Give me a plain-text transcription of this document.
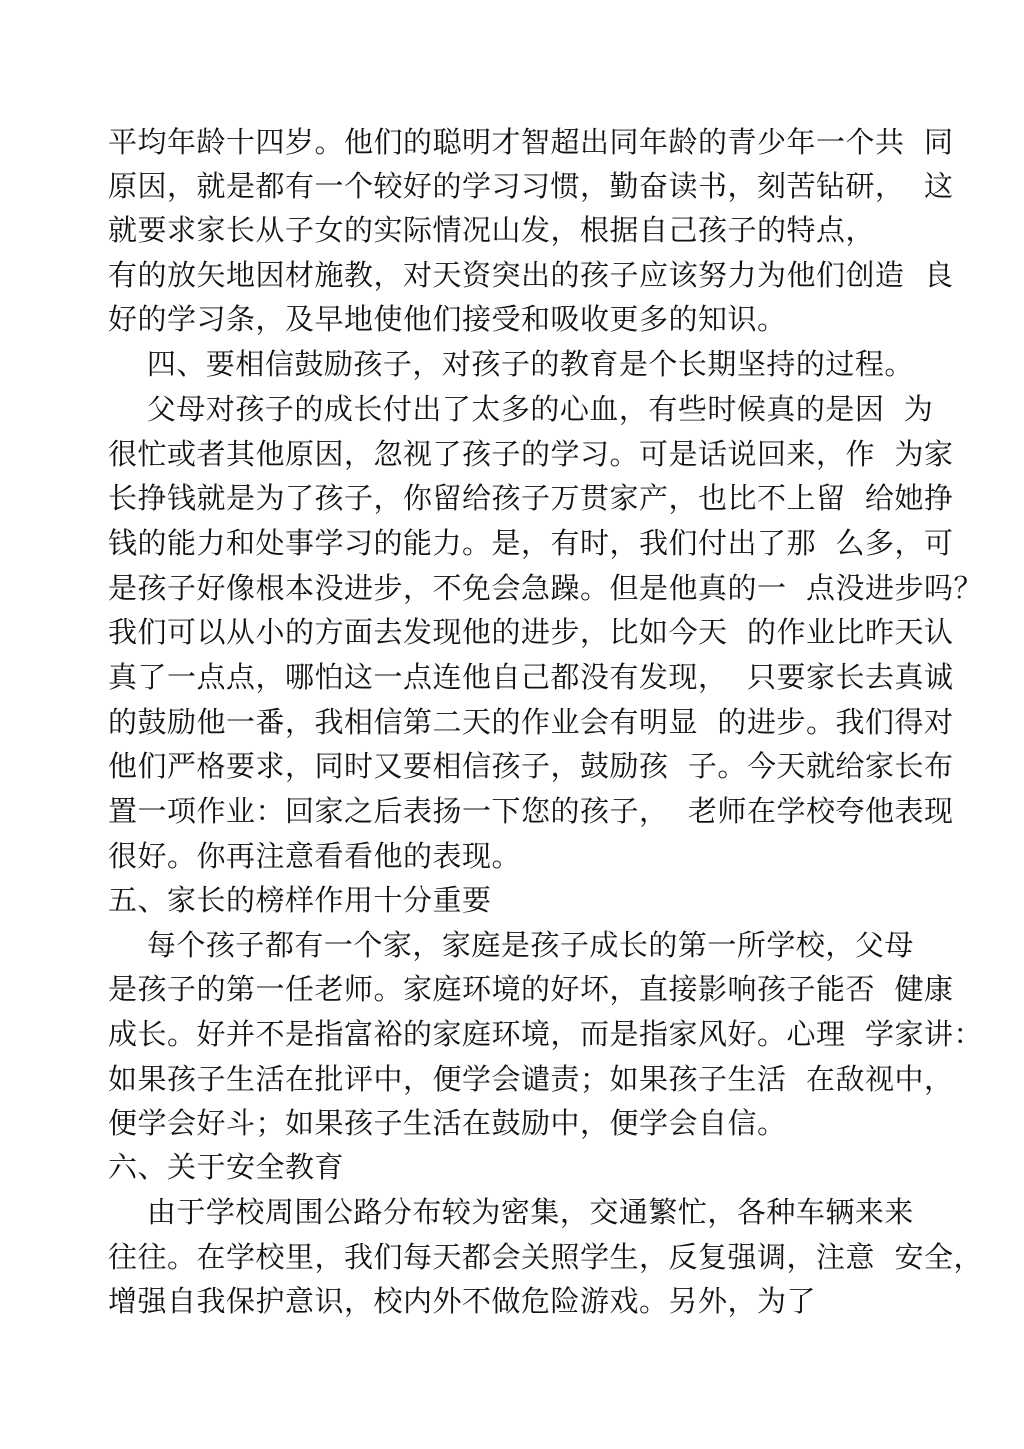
平均年龄十四岁。他们的聪明才智超出同年龄的青少年一个共  同
原因，就是都有一个较好的学习习惯，勤奋读书，刻苦钻研，  这
就要求家长从子女的实际情况山发，根据自己孩子的特点，
有的放矢地因材施教，对天资突出的孩子应该努力为他们创造  良
好的学习条，及早地使他们接受和吸收更多的知识。
四、要相信鼓励孩子，对孩子的教育是个长期坚持的过程。
父母对孩子的成长付出了太多的心血，有些时候真的是因  为
很忙或者其他原因，忽视了孩子的学习。可是话说回来，作  为家
长挣钱就是为了孩子，你留给孩子万贯家产，也比不上留  给她挣
钱的能力和处事学习的能力。是，有时，我们付出了那  么多，可
是孩子好像根本没进步，不免会急躁。但是他真的一  点没进步吗？
我们可以从小的方面去发现他的进步，比如今天  的作业比昨天认
真了一点点，哪怕这一点连他自己都没有发现，  只要家长去真诚
的鼓励他一番，我相信第二天的作业会有明显  的进步。我们得对
他们严格要求，同时又要相信孩子，鼓励孩  子。今天就给家长布
置一项作业：回家之后表扬一下您的孩子，  老师在学校夸他表现
很好。你再注意看看他的表现。
五、家长的榜样作用十分重要
每个孩子都有一个家，家庭是孩子成长的第一所学校，父母
是孩子的第一任老师。家庭环境的好坏，直接影响孩子能否  健康
成长。好并不是指富裕的家庭环境，而是指家风好。心理  学家讲：
如果孩子生活在批评中，便学会谴责；如果孩子生活  在敌视中，
便学会好斗；如果孩子生活在鼓励中，便学会自信。
六、关于安全教育
由于学校周围公路分布较为密集，交通繁忙，各种车辆来来
往往。在学校里，我们每天都会关照学生，反复强调，注意  安全，
增强自我保护意识，校内外不做危险游戏。另外，为了
